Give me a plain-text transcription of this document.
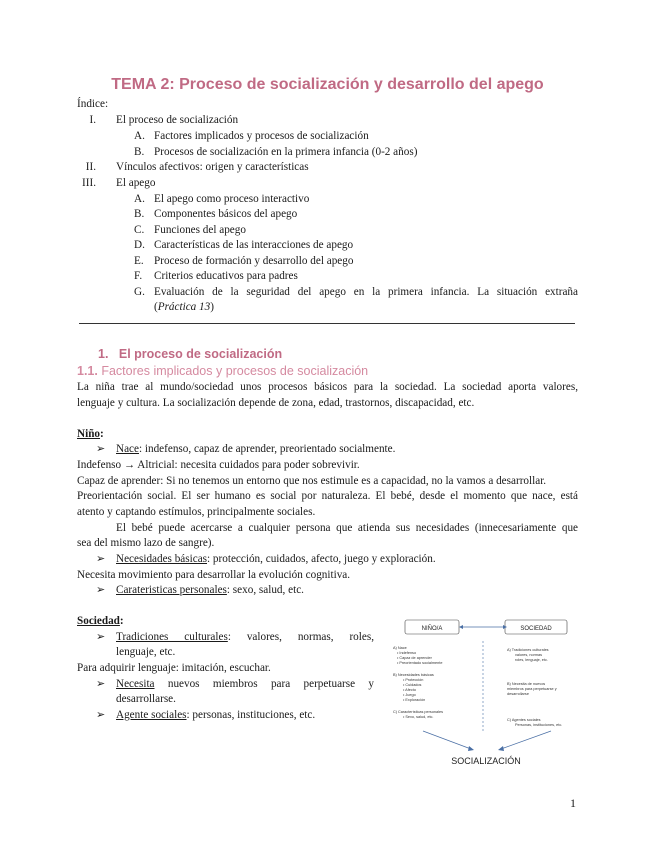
TEMA 2: Proceso de socialización y desarrollo del apego
Índice:
I. El proceso de socialización
A. Factores implicados y procesos de socialización
B. Procesos de socialización en la primera infancia (0-2 años)
II. Vínculos afectivos: origen y características
III. El apego
A. El apego como proceso interactivo
B. Componentes básicos del apego
C. Funciones del apego
D. Características de las interacciones de apego
E. Proceso de formación y desarrollo del apego
F. Criterios educativos para padres
G. Evaluación de la seguridad del apego en la primera infancia. La situación extraña
(Práctica 13)
1. El proceso de socialización
1.1. Factores implicados y procesos de socialización
La niña trae al mundo/sociedad unos procesos básicos para la sociedad. La sociedad aporta valores,
lenguaje y cultura. La socialización depende de zona, edad, trastornos, discapacidad, etc.
Niño:
➢ Nace: indefenso, capaz de aprender, preorientado socialmente.
Indefenso → Altricial: necesita cuidados para poder sobrevivir.
Capaz de aprender: Si no tenemos un entorno que nos estimule es a capacidad, no la vamos a desarrollar.
Preorientación social. El ser humano es social por naturaleza. El bebé, desde el momento que nace, está
atento y captando estímulos, principalmente sociales.
El bebé puede acercarse a cualquier persona que atienda sus necesidades (innecesariamente que
sea del mismo lazo de sangre).
➢ Necesidades básicas: protección, cuidados, afecto, juego y exploración.
Necesita movimiento para desarrollar la evolución cognitiva.
➢ Carateristicas personales: sexo, salud, etc.
Sociedad:
➢ Tradiciones culturales: valores, normas, roles,
lenguaje, etc.
Para adquirir lenguaje: imitación, escuchar.
➢ Necesita nuevos miembros para perpetuarse y
desarrollarse.
➢ Agente sociales: personas, instituciones, etc.
NIÑO/A	SOCIEDAD
A) Nace
• Indefenso
• Capaz de aprender
• Preorientado socialmente
B) Necesidades básicas
• Protección
• Cuidados
• Afecto
• Juego
• Exploración
C) Características personales
• Sexo, salud, etc.
A) Tradiciones culturales
valores, normas
roles, lenguaje, etc.
B) Necesita de nuevos
miembros para perpetuarse y
desarrollarse
C) Agentes sociales
Personas, instituciones, etc.
SOCIALIZACIÓN
1
